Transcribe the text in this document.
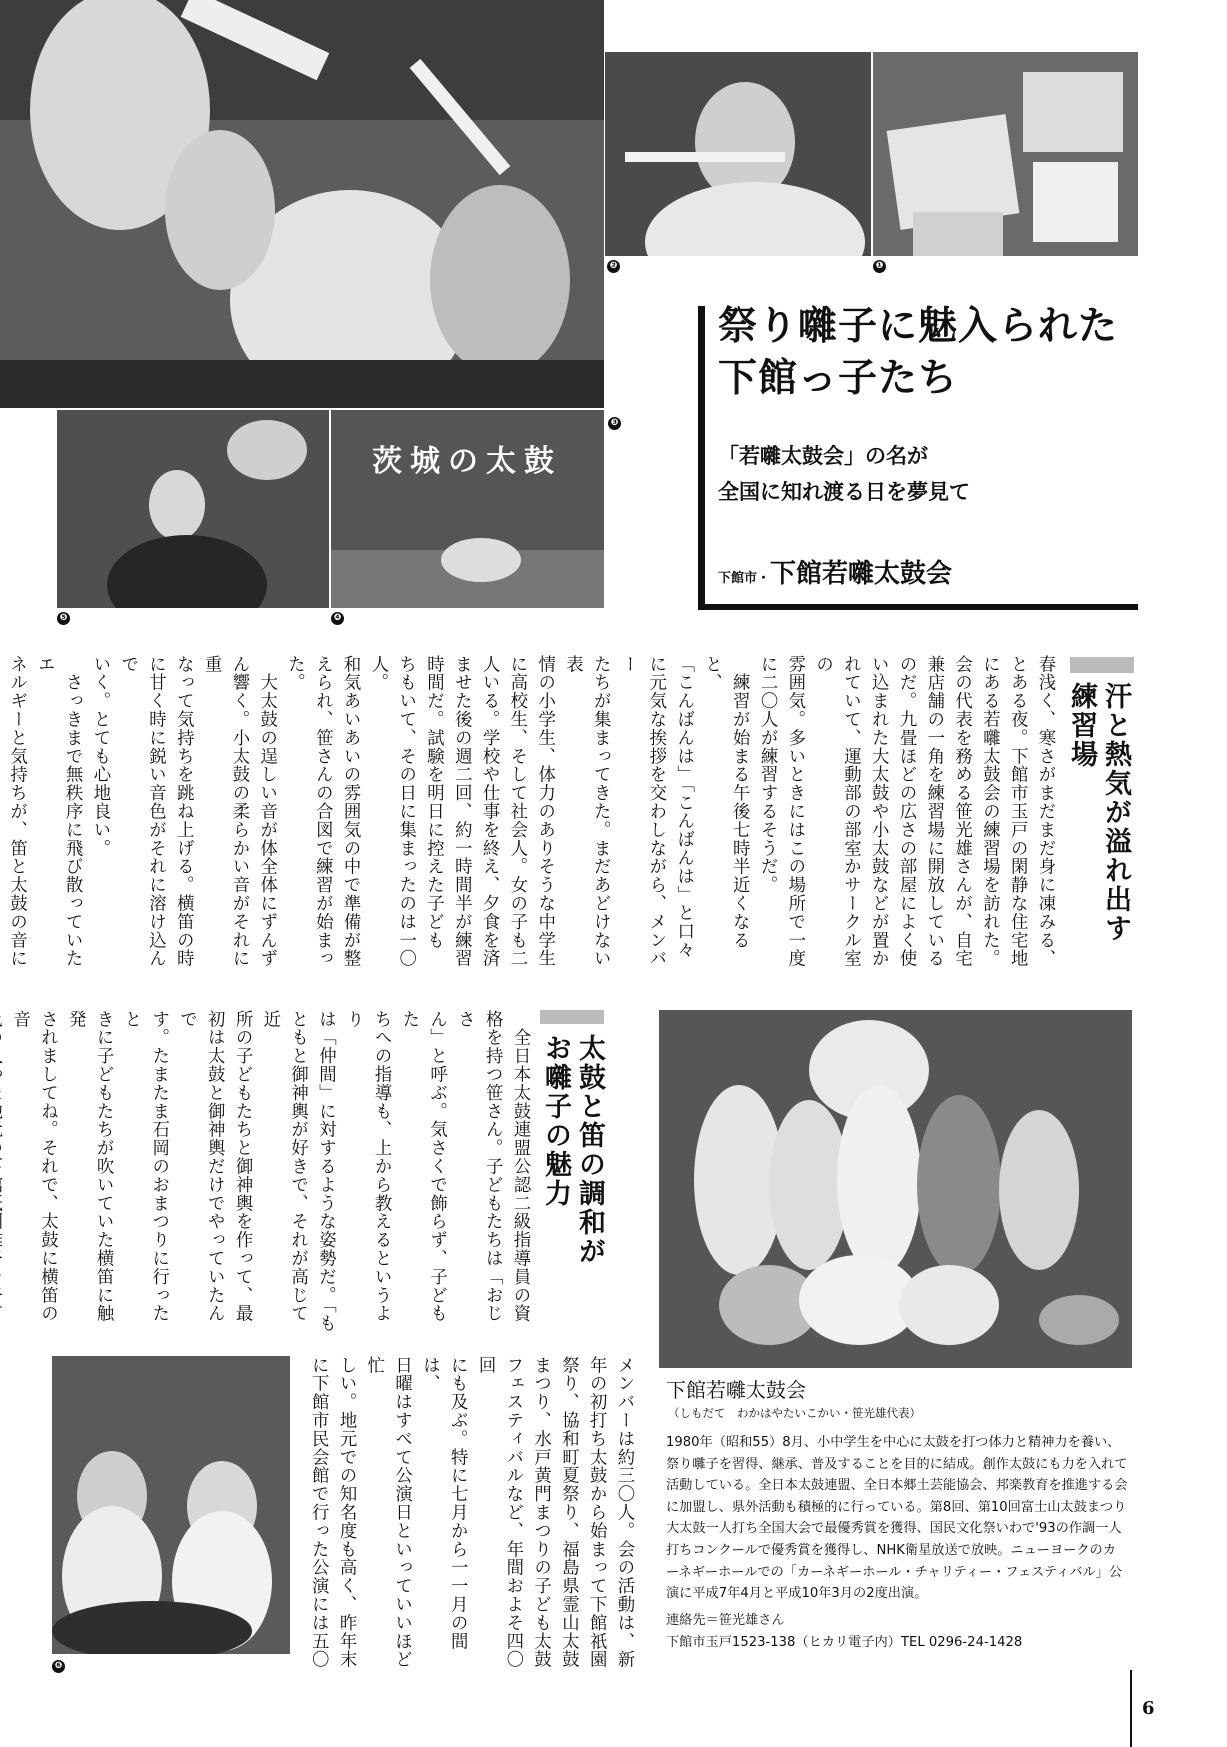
茨城の太鼓
❶
❷
❸
❹
❺
❻
祭り囃子に魅入られた
下館っ子たち
「若囃太鼓会」の名が
全国に知れ渡る日を夢見て
下館市・下館若囃太鼓会
汗と熱気が溢れ出す
練習場
春浅く、寒さがまだまだ身に凍みる、
とある夜。下館市玉戸の閑静な住宅地
にある若囃太鼓会の練習場を訪れた。
会の代表を務める笹光雄さんが、自宅
兼店舗の一角を練習場に開放している
のだ。九畳ほどの広さの部屋によく使
い込まれた大太鼓や小太鼓などが置か
れていて、運動部の部室かサークル室の
雰囲気。多いときにはこの場所で一度
に二〇人が練習するそうだ。
　練習が始まる午後七時半近くなると、
「こんばんは」「こんばんは」と口々
に元気な挨拶を交わしながら、メンバー
たちが集まってきた。まだあどけない表
情の小学生、体力のありそうな中学生
に高校生、そして社会人。女の子も二
人いる。学校や仕事を終え、夕食を済
ませた後の週二回、約一時間半が練習
時間だ。試験を明日に控えた子ども
ちもいて、その日に集まったのは一〇人。
和気あいあいの雰囲気の中で準備が整
えられ、笹さんの合図で練習が始まった。
　大太鼓の逞しい音が体全体にずんず
ん響く。小太鼓の柔らかい音がそれに重
なって気持ちを跳ね上げる。横笛の時
に甘く時に鋭い音色がそれに溶け込んで
いく。とても心地良い。
　さっきまで無秩序に飛び散っていたエ
ネルギーと気持ちが、笛と太鼓の音に
太鼓と笛の調和が
お囃子の魅力
　全日本太鼓連盟公認二級指導員の資
格を持つ笹さん。子どもたちは「おじさ
ん」と呼ぶ。気さくで飾らず、子どもた
ちへの指導も、上から教えるというより
は「仲間」に対するような姿勢だ。「も
ともと御神輿が好きで、それが高じて近
所の子どもたちと御神輿を作って、最
初は太鼓と御神輿だけでやっていたんで
す。たまたま石岡のおまつりに行ったと
きに子どもたちが吹いていた横笛に触発
されましてね。それで、太鼓に横笛の音
メンバーは約三〇人。会の活動は、新
年の初打ち太鼓から始まって下館祇園
祭り、協和町夏祭り、福島県霊山太鼓
まつり、水戸黄門まつりの子ども太鼓
フェスティバルなど、年間およそ四〇回
にも及ぶ。特に七月から一一月の間は、
日曜はすべて公演日といっていいほど忙
しい。地元での知名度も高く、昨年末
に下館市民会館で行った公演には五〇	下館若囃太鼓会
（しもだて　わかはやたいこかい・笹光雄代表）
1980年（昭和55）8月、小中学生を中心に太鼓を打つ体力と精神力を養い、祭り囃子を習得、継承、普及することを目的に結成。創作太鼓にも力を入れて活動している。全日本太鼓連盟、全日本郷土芸能協会、邦楽教育を推進する会に加盟し、県外活動も積極的に行っている。第8回、第10回富士山太鼓まつり大太鼓一人打ち全国大会で最優秀賞を獲得、国民文化祭いわで'93の作調一人打ちコンクールで優秀賞を獲得し、NHK衛星放送で放映。ニューヨークのカーネギーホールでの「カーネギーホール・チャリティー・フェスティバル」公演に平成7年4月と平成10年3月の2度出演。
連絡先＝笹光雄さん
下館市玉戸1523-138（ヒカリ電子内）TEL 0296-24-1428
6
